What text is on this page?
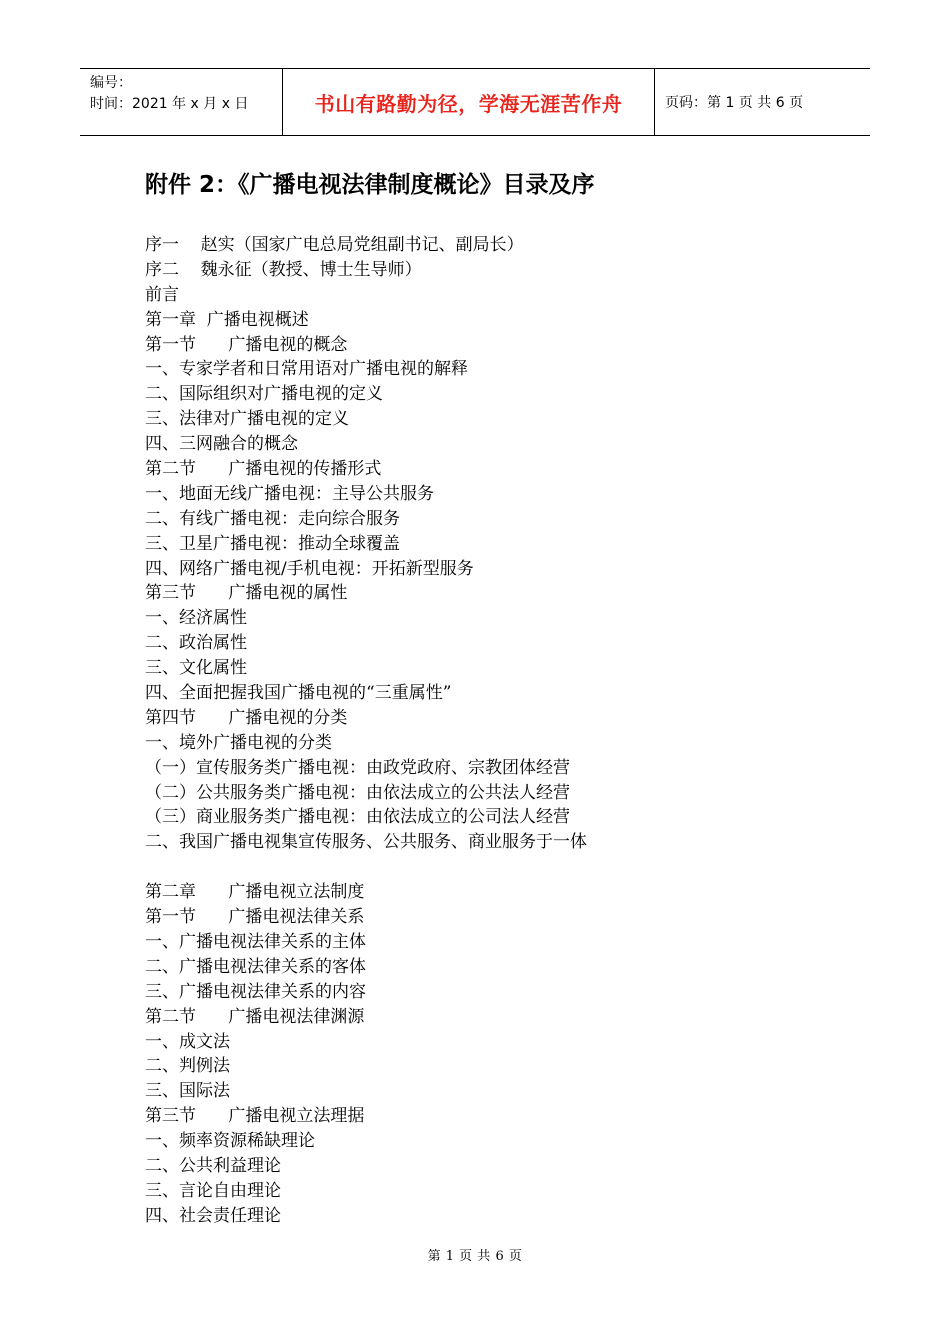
编号：
时间：2021 年 x 月 x 日	书山有路勤为径，学海无涯苦作舟	页码：第 1 页 共 6 页
附件 2：《广播电视法律制度概论》目录及序
序一    赵实（国家广电总局党组副书记、副局长）
序二    魏永征（教授、博士生导师）
前言
第一章  广播电视概述
第一节      广播电视的概念
一、专家学者和日常用语对广播电视的解释
二、国际组织对广播电视的定义
三、法律对广播电视的定义
四、三网融合的概念
第二节      广播电视的传播形式
一、地面无线广播电视：主导公共服务
二、有线广播电视：走向综合服务
三、卫星广播电视：推动全球覆盖
四、网络广播电视/手机电视：开拓新型服务
第三节      广播电视的属性
一、经济属性
二、政治属性
三、文化属性
四、全面把握我国广播电视的“三重属性”
第四节      广播电视的分类
一、境外广播电视的分类
（一）宣传服务类广播电视：由政党政府、宗教团体经营
（二）公共服务类广播电视：由依法成立的公共法人经营
（三）商业服务类广播电视：由依法成立的公司法人经营
二、我国广播电视集宣传服务、公共服务、商业服务于一体
第二章      广播电视立法制度
第一节      广播电视法律关系
一、广播电视法律关系的主体
二、广播电视法律关系的客体
三、广播电视法律关系的内容
第二节      广播电视法律渊源
一、成文法
二、判例法
三、国际法
第三节      广播电视立法理据
一、频率资源稀缺理论
二、公共利益理论
三、言论自由理论
四、社会责任理论
第 1 页 共 6 页
